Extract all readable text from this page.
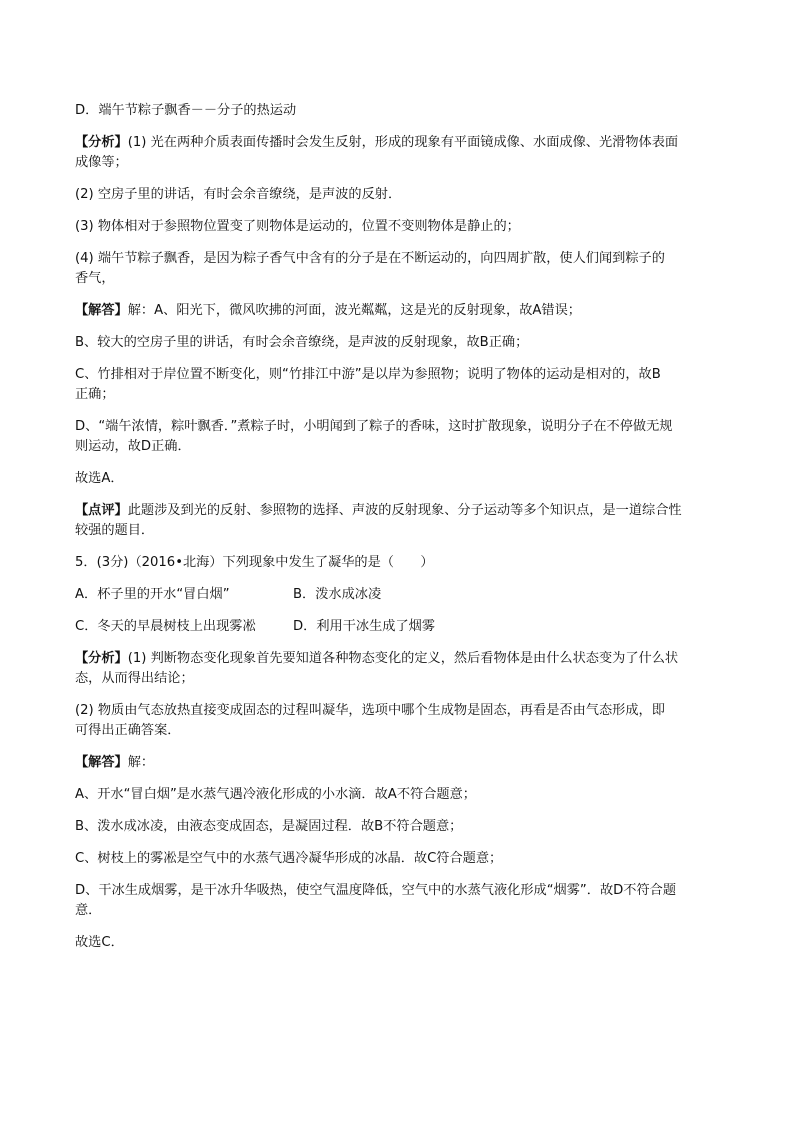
D．端午节粽子飘香－－分子的热运动

【分析】(1) 光在两种介质表面传播时会发生反射，形成的现象有平面镜成像、水面成像、光滑物体表面

成像等；

(2) 空房子里的讲话，有时会余音缭绕，是声波的反射．

(3) 物体相对于参照物位置变了则物体是运动的，位置不变则物体是静止的；

(4) 端午节粽子飘香，是因为粽子香气中含有的分子是在不断运动的，向四周扩散，使人们闻到粽子的

香气，

【解答】解：A、阳光下，微风吹拂的河面，波光粼粼，这是光的反射现象，故A错误；

B、较大的空房子里的讲话，有时会余音缭绕，是声波的反射现象，故B正确；

C、竹排相对于岸位置不断变化，则“竹排江中游”是以岸为参照物；说明了物体的运动是相对的，故B

正确；

D、“端午浓情，粽叶飘香．”煮粽子时，小明闻到了粽子的香味，这时扩散现象，说明分子在不停做无规

则运动，故D正确．

故选A．

【点评】此题涉及到光的反射、参照物的选择、声波的反射现象、分子运动等多个知识点，是一道综合性

较强的题目．

5．(3分)（2016•北海）下列现象中发生了凝华的是（　　）

A．杯子里的开水“冒白烟”	B．泼水成冰凌

C．冬天的早晨树枝上出现雾凇	D．利用干冰生成了烟雾

【分析】(1) 判断物态变化现象首先要知道各种物态变化的定义，然后看物体是由什么状态变为了什么状

态，从而得出结论；

(2) 物质由气态放热直接变成固态的过程叫凝华，选项中哪个生成物是固态，再看是否由气态形成，即

可得出正确答案．

【解答】解：

A、开水“冒白烟”是水蒸气遇冷液化形成的小水滴．故A不符合题意；

B、泼水成冰凌，由液态变成固态，是凝固过程．故B不符合题意；

C、树枝上的雾凇是空气中的水蒸气遇冷凝华形成的冰晶．故C符合题意；

D、干冰生成烟雾，是干冰升华吸热，使空气温度降低，空气中的水蒸气液化形成“烟雾”．故D不符合题

意．

故选C．
